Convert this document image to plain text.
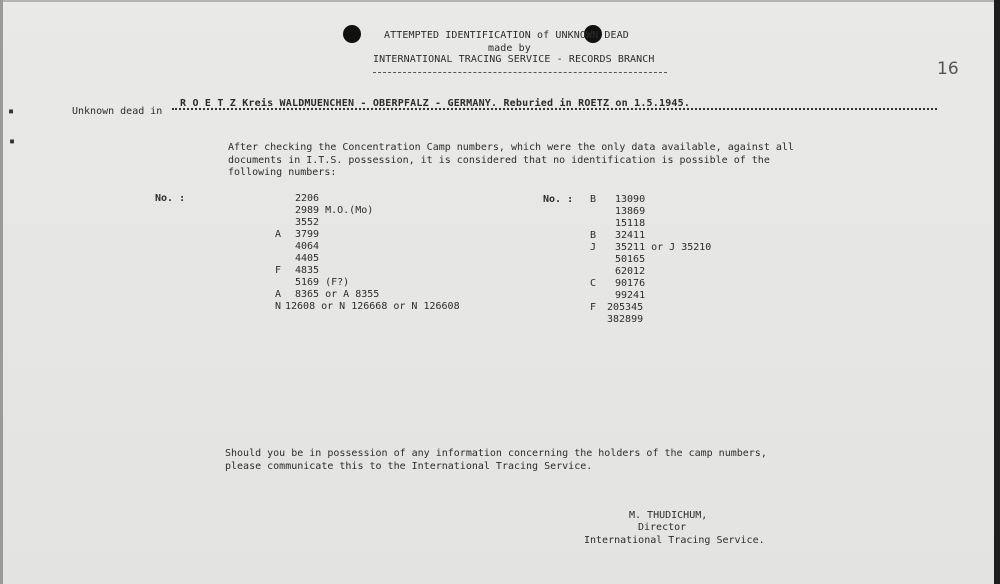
ATTEMPTED IDENTIFICATION of UNKNOWN DEAD
made by
INTERNATIONAL TRACING SERVICE - RECORDS BRANCH	16
▪
▪
Unknown dead in
R O E T Z Kreis WALDMUENCHEN - OBERPFALZ - GERMANY. Reburied in ROETZ on 1.5.1945.
After checking the Concentration Camp numbers, which were the only data available, against all
documents in I.T.S. possession, it is considered that no identification is possible of the
following numbers:
No. :	No. :
2206
2989 M.O.(Mo)
3552
A 3799
4064
4405
F 4835
5169 (F?)
A 8365 or A 8355
N 12608 or N 126668 or N 126608
B 13090
13869
15118
B 32411
J 35211 or J 35210
50165
62012
C 90176
99241
F 205345
382899
Should you be in possession of any information concerning the holders of the camp numbers,
please communicate this to the International Tracing Service.
M. THUDICHUM,
Director
International Tracing Service.
